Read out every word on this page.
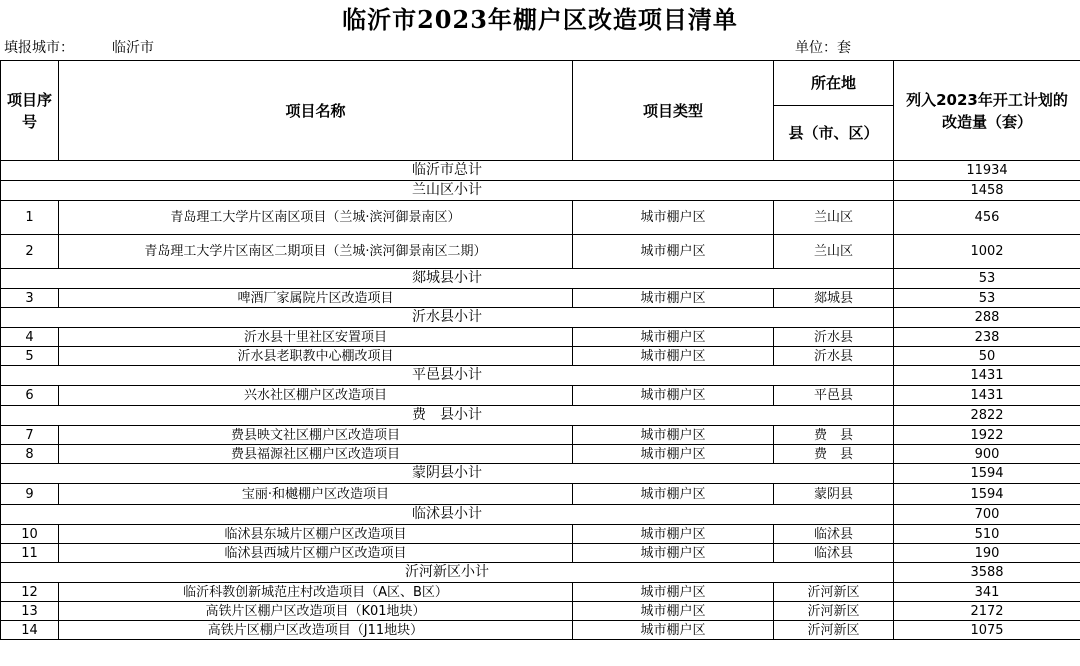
临沂市2023年棚户区改造项目清单
填报城市：	临沂市	单位：套
项目序号	项目名称	项目类型	所在地	列入2023年开工计划的改造量（套）
			县（市、区）	
临沂市总计				11934
兰山区小计				1458
1	青岛理工大学片区南区项目（兰城·滨河御景南区）	城市棚户区	兰山区	456
2	青岛理工大学片区南区二期项目（兰城·滨河御景南区二期）	城市棚户区	兰山区	1002
郯城县小计				53
3	啤酒厂家属院片区改造项目	城市棚户区	郯城县	53
沂水县小计				288
4	沂水县十里社区安置项目	城市棚户区	沂水县	238
5	沂水县老职教中心棚改项目	城市棚户区	沂水县	50
平邑县小计				1431
6	兴水社区棚户区改造项目	城市棚户区	平邑县	1431
费　县小计				2822
7	费县映文社区棚户区改造项目	城市棚户区	费　县	1922
8	费县福源社区棚户区改造项目	城市棚户区	费　县	900
蒙阴县小计				1594
9	宝丽·和樾棚户区改造项目	城市棚户区	蒙阴县	1594
临沭县小计				700
10	临沭县东城片区棚户区改造项目	城市棚户区	临沭县	510
11	临沭县西城片区棚户区改造项目	城市棚户区	临沭县	190
沂河新区小计				3588
12	临沂科教创新城范庄村改造项目（A区、B区）	城市棚户区	沂河新区	341
13	高铁片区棚户区改造项目（K01地块）	城市棚户区	沂河新区	2172
14	高铁片区棚户区改造项目（J11地块）	城市棚户区	沂河新区	1075
